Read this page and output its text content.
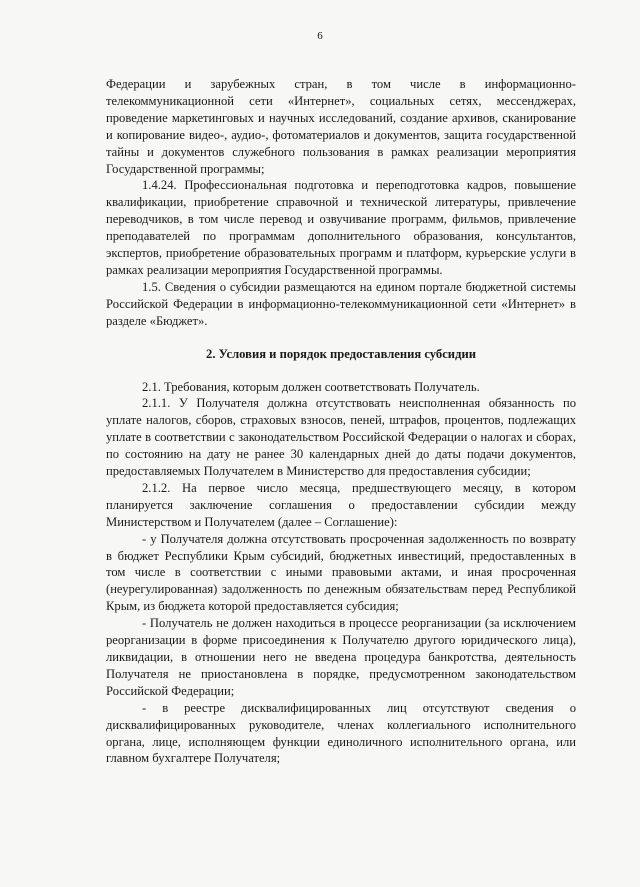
6

Федерации и зарубежных стран, в том числе в информационно-телекоммуникационной сети «Интернет», социальных сетях, мессенджерах, проведение маркетинговых и научных исследований, создание архивов, сканирование и копирование видео-, аудио-, фотоматериалов и документов, защита государственной тайны и документов служебного пользования в рамках реализации мероприятия Государственной программы;

1.4.24. Профессиональная подготовка и переподготовка кадров, повышение квалификации, приобретение справочной и технической литературы, привлечение переводчиков, в том числе перевод и озвучивание программ, фильмов, привлечение преподавателей по программам дополнительного образования, консультантов, экспертов, приобретение образовательных программ и платформ, курьерские услуги в рамках реализации мероприятия Государственной программы.

1.5. Сведения о субсидии размещаются на едином портале бюджетной системы Российской Федерации в информационно-телекоммуникационной сети «Интернет» в разделе «Бюджет».

2. Условия и порядок предоставления субсидии

2.1. Требования, которым должен соответствовать Получатель.

2.1.1. У Получателя должна отсутствовать неисполненная обязанность по уплате налогов, сборов, страховых взносов, пеней, штрафов, процентов, подлежащих уплате в соответствии с законодательством Российской Федерации о налогах и сборах, по состоянию на дату не ранее 30 календарных дней до даты подачи документов, предоставляемых Получателем в Министерство для предоставления субсидии;

2.1.2. На первое число месяца, предшествующего месяцу, в котором планируется заключение соглашения о предоставлении субсидии между Министерством и Получателем (далее – Соглашение):

- у Получателя должна отсутствовать просроченная задолженность по возврату в бюджет Республики Крым субсидий, бюджетных инвестиций, предоставленных в том числе в соответствии с иными правовыми актами, и иная просроченная (неурегулированная) задолженность по денежным обязательствам перед Республикой Крым, из бюджета которой предоставляется субсидия;

- Получатель не должен находиться в процессе реорганизации (за исключением реорганизации в форме присоединения к Получателю другого юридического лица), ликвидации, в отношении него не введена процедура банкротства, деятельность Получателя не приостановлена в порядке, предусмотренном законодательством Российской Федерации;

- в реестре дисквалифицированных лиц отсутствуют сведения о дисквалифицированных руководителе, членах коллегиального исполнительного органа, лице, исполняющем функции единоличного исполнительного органа, или главном бухгалтере Получателя;
